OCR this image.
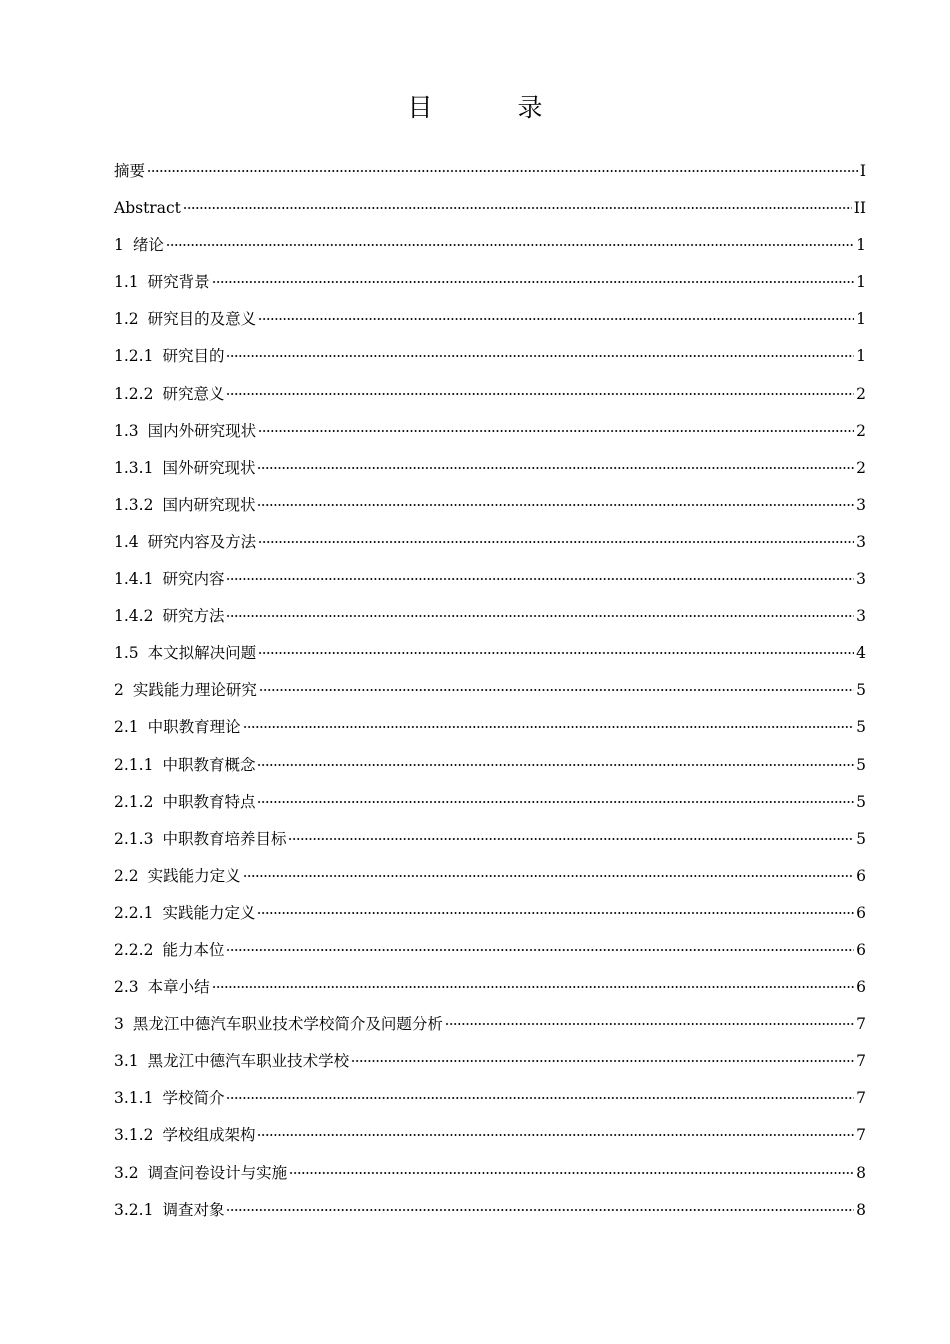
目　录
摘要	I
Abstract	II
1 绪论	1
1.1 研究背景	1
1.2 研究目的及意义	1
1.2.1 研究目的	1
1.2.2 研究意义	2
1.3 国内外研究现状	2
1.3.1 国外研究现状	2
1.3.2 国内研究现状	3
1.4 研究内容及方法	3
1.4.1 研究内容	3
1.4.2 研究方法	3
1.5 本文拟解决问题	4
2 实践能力理论研究	5
2.1 中职教育理论	5
2.1.1 中职教育概念	5
2.1.2 中职教育特点	5
2.1.3 中职教育培养目标	5
2.2 实践能力定义	6
2.2.1 实践能力定义	6
2.2.2 能力本位	6
2.3 本章小结	6
3 黑龙江中德汽车职业技术学校简介及问题分析	7
3.1 黑龙江中德汽车职业技术学校	7
3.1.1 学校简介	7
3.1.2 学校组成架构	7
3.2 调查问卷设计与实施	8
3.2.1 调查对象	8
